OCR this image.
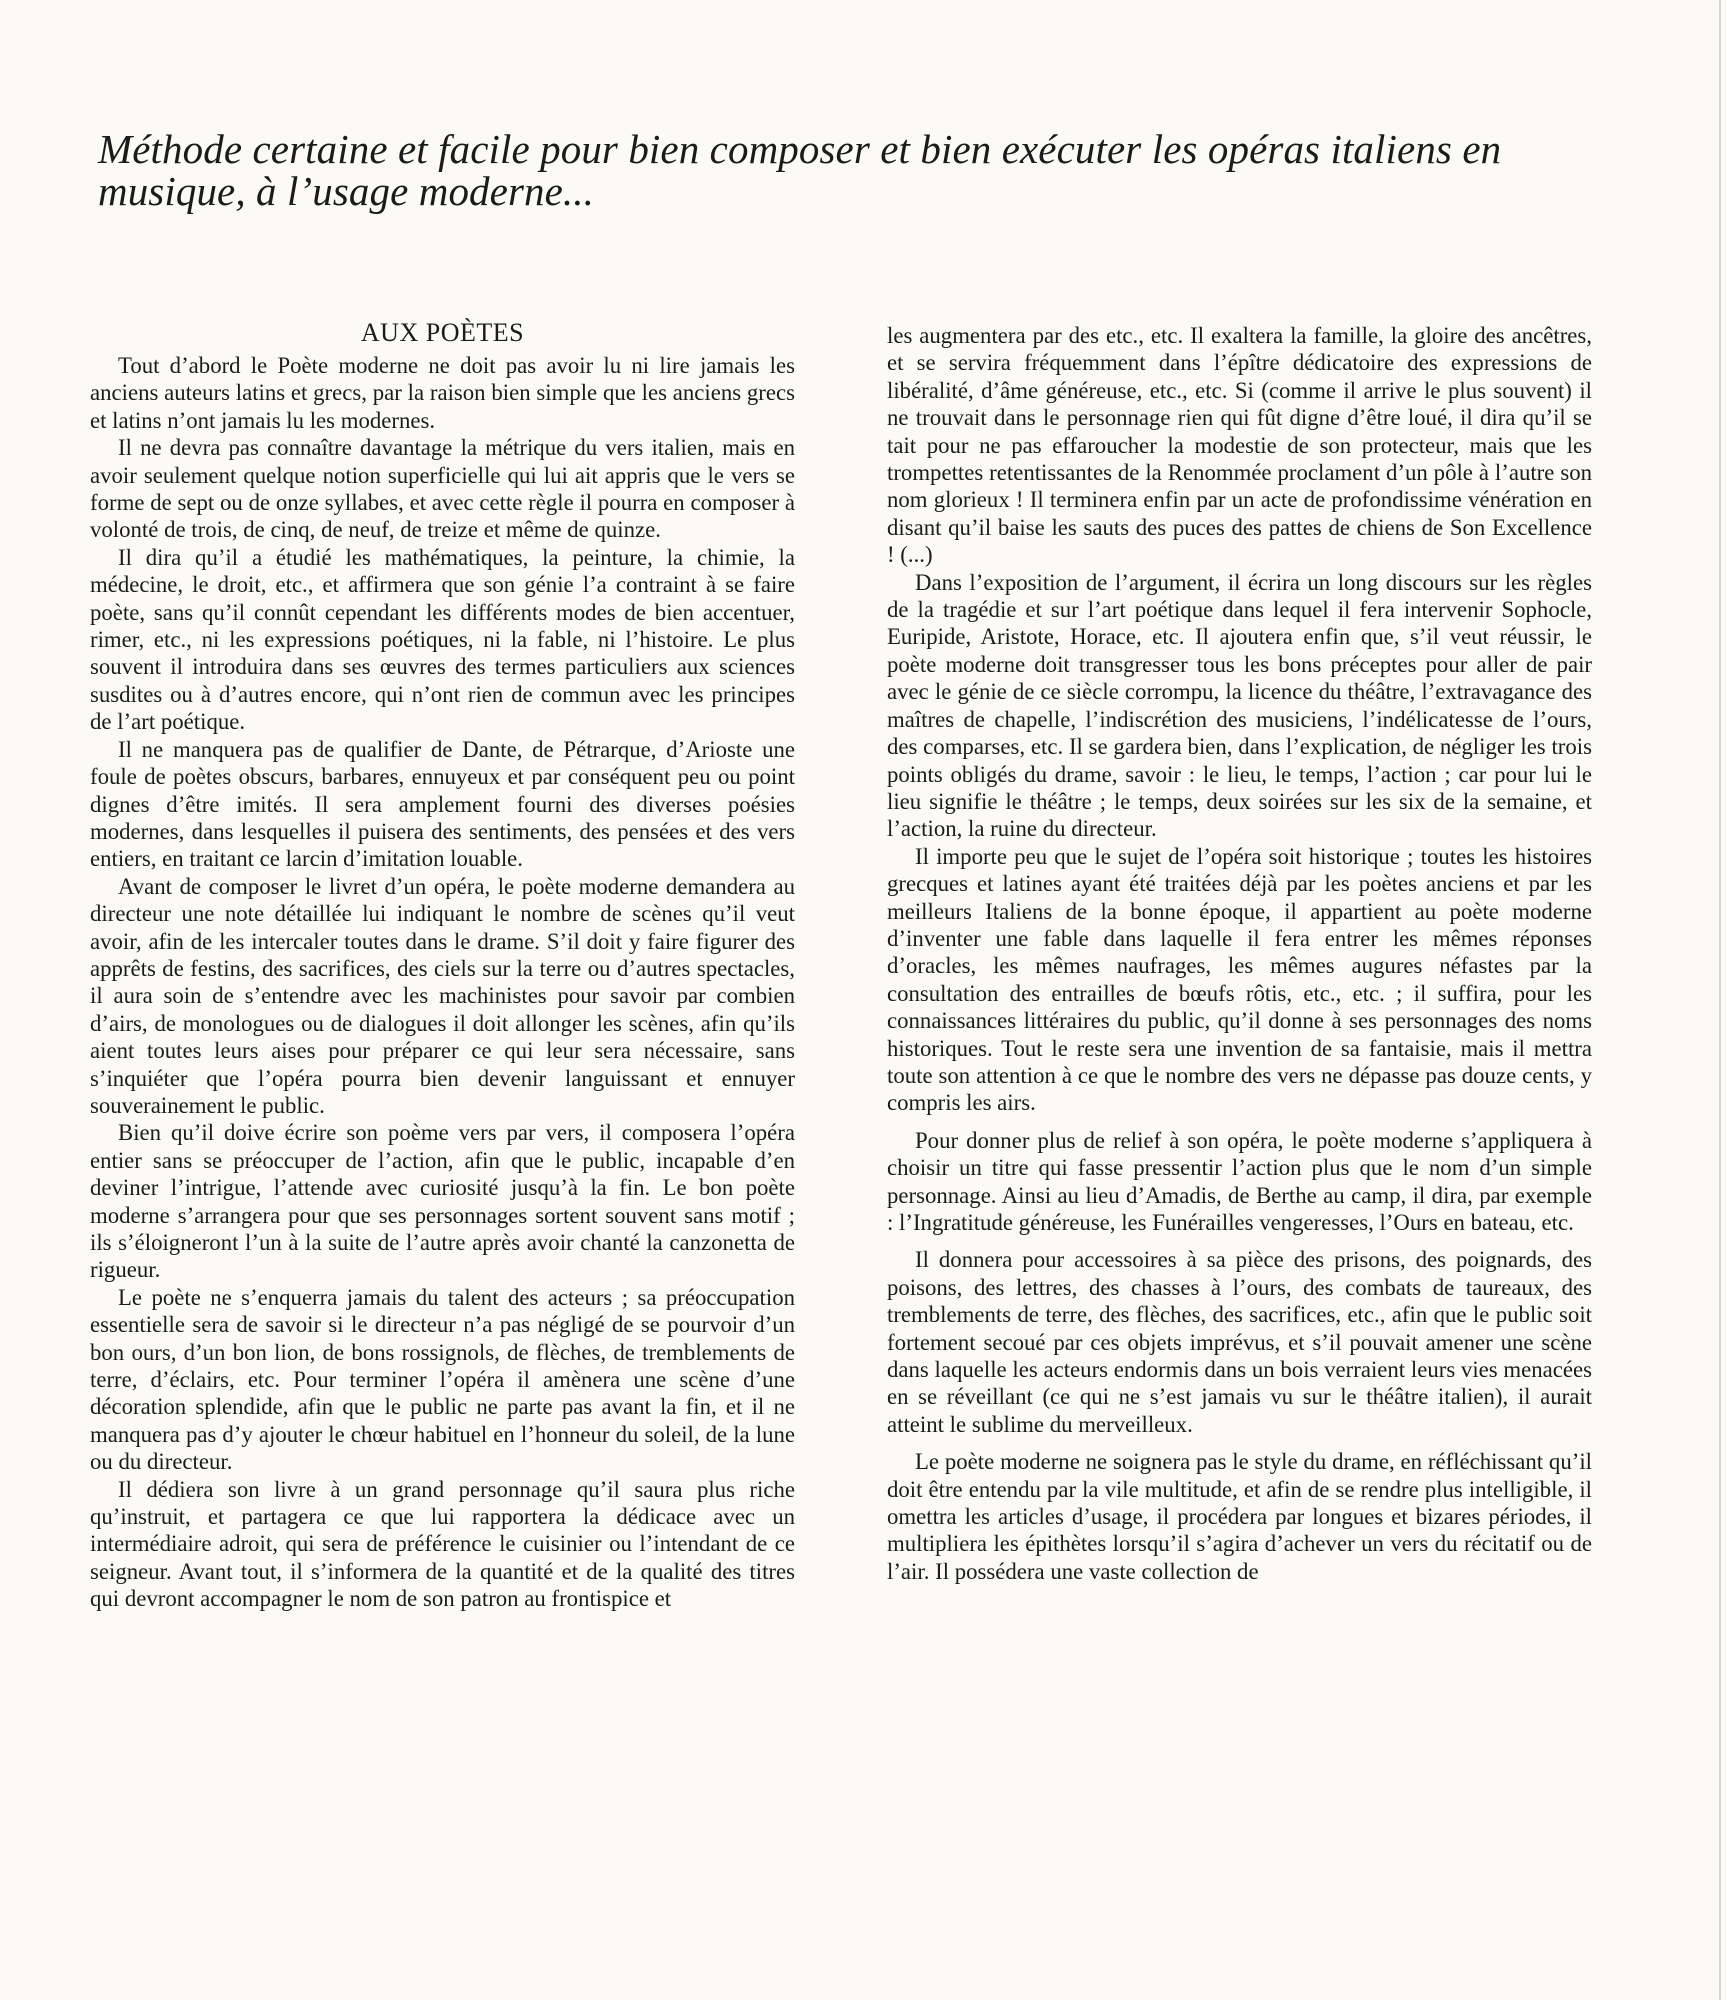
Méthode certaine et facile pour bien composer et bien exécuter les opéras italiens en musique, à l’usage moderne...
AUX POÈTES

Tout d’abord le Poète moderne ne doit pas avoir lu ni lire jamais les anciens auteurs latins et grecs, par la raison bien simple que les anciens grecs et latins n’ont jamais lu les modernes.

Il ne devra pas connaître davantage la métrique du vers italien, mais en avoir seulement quelque notion superficielle qui lui ait appris que le vers se forme de sept ou de onze syllabes, et avec cette règle il pourra en composer à volonté de trois, de cinq, de neuf, de treize et même de quinze.

Il dira qu’il a étudié les mathématiques, la peinture, la chimie, la médecine, le droit, etc., et affirmera que son génie l’a contraint à se faire poète, sans qu’il connût cependant les différents modes de bien accentuer, rimer, etc., ni les expressions poétiques, ni la fable, ni l’histoire. Le plus souvent il introduira dans ses œuvres des termes particuliers aux sciences susdites ou à d’autres encore, qui n’ont rien de commun avec les principes de l’art poétique.

Il ne manquera pas de qualifier de Dante, de Pétrarque, d’Arioste une foule de poètes obscurs, barbares, ennuyeux et par conséquent peu ou point dignes d’être imités. Il sera amplement fourni des diverses poésies modernes, dans lesquelles il puisera des sentiments, des pensées et des vers entiers, en traitant ce larcin d’imitation louable.

Avant de composer le livret d’un opéra, le poète moderne demandera au directeur une note détaillée lui indiquant le nombre de scènes qu’il veut avoir, afin de les intercaler toutes dans le drame. S’il doit y faire figurer des apprêts de festins, des sacrifices, des ciels sur la terre ou d’autres spectacles, il aura soin de s’entendre avec les machinistes pour savoir par combien d’airs, de monologues ou de dialogues il doit allonger les scènes, afin qu’ils aient toutes leurs aises pour préparer ce qui leur sera nécessaire, sans s’inquiéter que l’opéra pourra bien devenir languissant et ennuyer souverainement le public.

Bien qu’il doive écrire son poème vers par vers, il composera l’opéra entier sans se préoccuper de l’action, afin que le public, incapable d’en deviner l’intrigue, l’attende avec curiosité jusqu’à la fin. Le bon poète moderne s’arrangera pour que ses personnages sortent souvent sans motif ; ils s’éloigneront l’un à la suite de l’autre après avoir chanté la canzonetta de rigueur.

Le poète ne s’enquerra jamais du talent des acteurs ; sa préoccupation essentielle sera de savoir si le directeur n’a pas négligé de se pourvoir d’un bon ours, d’un bon lion, de bons rossignols, de flèches, de tremblements de terre, d’éclairs, etc. Pour terminer l’opéra il amènera une scène d’une décoration splendide, afin que le public ne parte pas avant la fin, et il ne manquera pas d’y ajouter le chœur habituel en l’honneur du soleil, de la lune ou du directeur.

Il dédiera son livre à un grand personnage qu’il saura plus riche qu’instruit, et partagera ce que lui rapportera la dédicace avec un intermédiaire adroit, qui sera de préférence le cuisinier ou l’intendant de ce seigneur. Avant tout, il s’informera de la quantité et de la qualité des titres qui devront accompagner le nom de son patron au frontispice et

les augmentera par des etc., etc. Il exaltera la famille, la gloire des ancêtres, et se servira fréquemment dans l’épître dédicatoire des expressions de libéralité, d’âme généreuse, etc., etc. Si (comme il arrive le plus souvent) il ne trouvait dans le personnage rien qui fût digne d’être loué, il dira qu’il se tait pour ne pas effaroucher la modestie de son protecteur, mais que les trompettes retentissantes de la Renommée proclament d’un pôle à l’autre son nom glorieux ! Il terminera enfin par un acte de profondissime vénération en disant qu’il baise les sauts des puces des pattes de chiens de Son Excellence ! (...)

Dans l’exposition de l’argument, il écrira un long discours sur les règles de la tragédie et sur l’art poétique dans lequel il fera intervenir Sophocle, Euripide, Aristote, Horace, etc. Il ajoutera enfin que, s’il veut réussir, le poète moderne doit transgresser tous les bons préceptes pour aller de pair avec le génie de ce siècle corrompu, la licence du théâtre, l’extravagance des maîtres de chapelle, l’indiscrétion des musiciens, l’indélicatesse de l’ours, des comparses, etc. Il se gardera bien, dans l’explication, de négliger les trois points obligés du drame, savoir : le lieu, le temps, l’action ; car pour lui le lieu signifie le théâtre ; le temps, deux soirées sur les six de la semaine, et l’action, la ruine du directeur.

Il importe peu que le sujet de l’opéra soit historique ; toutes les histoires grecques et latines ayant été traitées déjà par les poètes anciens et par les meilleurs Italiens de la bonne époque, il appartient au poète moderne d’inventer une fable dans laquelle il fera entrer les mêmes réponses d’oracles, les mêmes naufrages, les mêmes augures néfastes par la consultation des entrailles de bœufs rôtis, etc., etc. ; il suffira, pour les connaissances littéraires du public, qu’il donne à ses personnages des noms historiques. Tout le reste sera une invention de sa fantaisie, mais il mettra toute son attention à ce que le nombre des vers ne dépasse pas douze cents, y compris les airs.

Pour donner plus de relief à son opéra, le poète moderne s’appliquera à choisir un titre qui fasse pressentir l’action plus que le nom d’un simple personnage. Ainsi au lieu d’Amadis, de Berthe au camp, il dira, par exemple : l’Ingratitude généreuse, les Funérailles vengeresses, l’Ours en bateau, etc.

Il donnera pour accessoires à sa pièce des prisons, des poignards, des poisons, des lettres, des chasses à l’ours, des combats de taureaux, des tremblements de terre, des flèches, des sacrifices, etc., afin que le public soit fortement secoué par ces objets imprévus, et s’il pouvait amener une scène dans laquelle les acteurs endormis dans un bois verraient leurs vies menacées en se réveillant (ce qui ne s’est jamais vu sur le théâtre italien), il aurait atteint le sublime du merveilleux.

Le poète moderne ne soignera pas le style du drame, en réfléchissant qu’il doit être entendu par la vile multitude, et afin de se rendre plus intelligible, il omettra les articles d’usage, il procédera par longues et bizares périodes, il multipliera les épithètes lorsqu’il s’agira d’achever un vers du récitatif ou de l’air. Il possédera une vaste collection de
